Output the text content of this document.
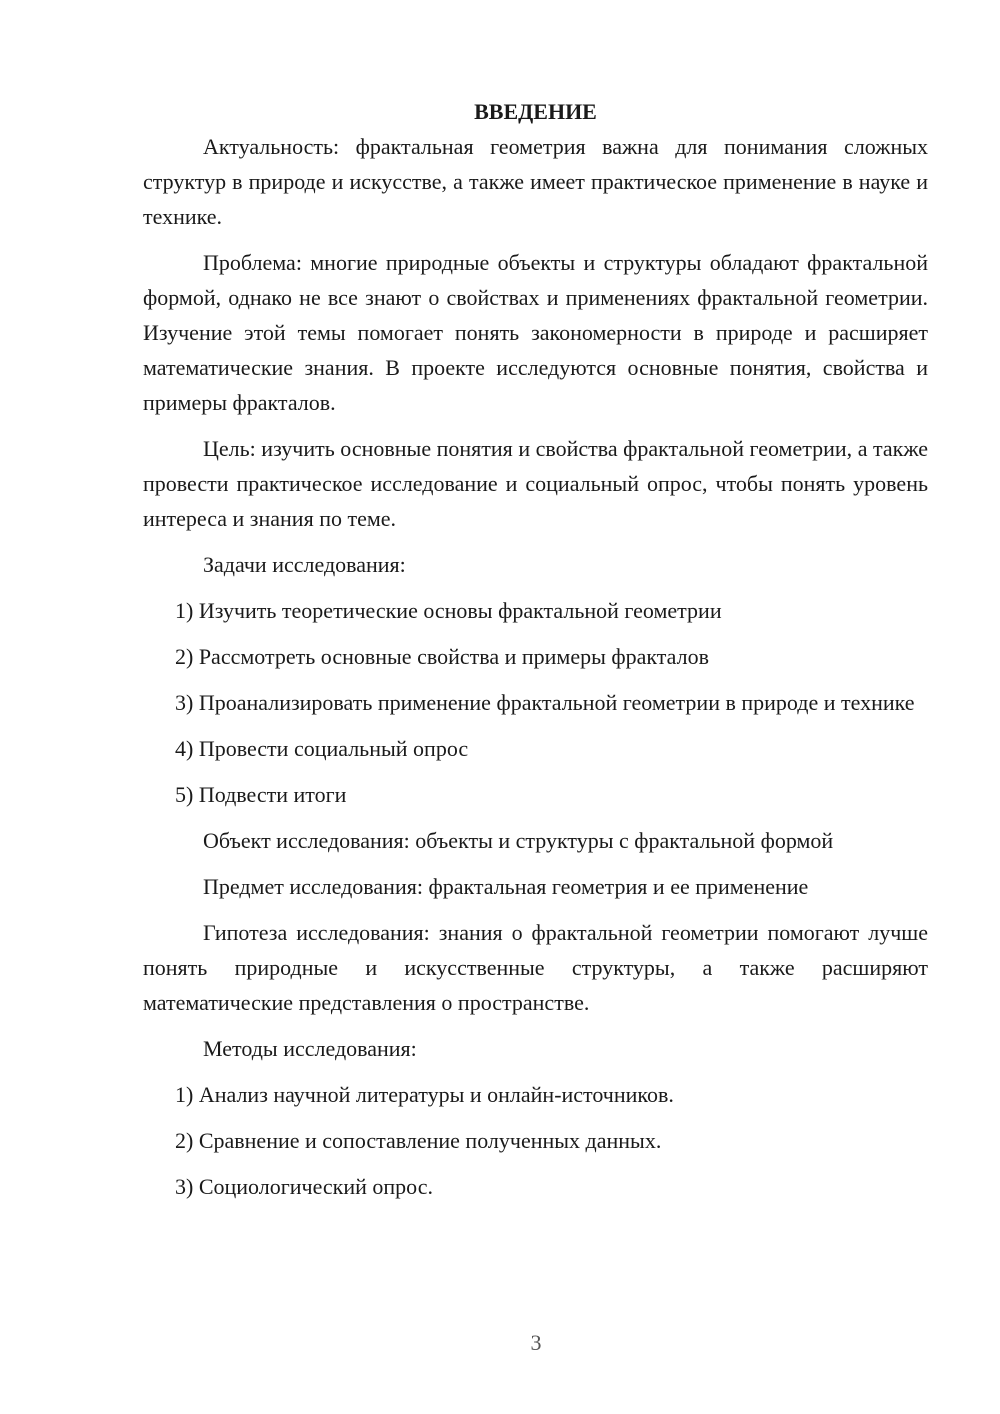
ВВЕДЕНИЕ

Актуальность: фрактальная геометрия важна для понимания сложных структур в природе и искусстве, а также имеет практическое применение в науке и технике.

Проблема: многие природные объекты и структуры обладают фрактальной формой, однако не все знают о свойствах и применениях фрактальной геометрии. Изучение этой темы помогает понять закономерности в природе и расширяет математические знания. В проекте исследуются основные понятия, свойства и примеры фракталов.

Цель: изучить основные понятия и свойства фрактальной геометрии, а также провести практическое исследование и социальный опрос, чтобы понять уровень интереса и знания по теме.

Задачи исследования:

1) Изучить теоретические основы фрактальной геометрии

2) Рассмотреть основные свойства и примеры фракталов

3) Проанализировать применение фрактальной геометрии в природе и технике

4) Провести социальный опрос

5) Подвести итоги

Объект исследования: объекты и структуры с фрактальной формой

Предмет исследования: фрактальная геометрия и ее применение

Гипотеза исследования: знания о фрактальной геометрии помогают лучше понять природные и искусственные структуры, а также расширяют математические представления о пространстве.

Методы исследования:

1) Анализ научной литературы и онлайн-источников.

2) Сравнение и сопоставление полученных данных.

3) Социологический опрос.

3
